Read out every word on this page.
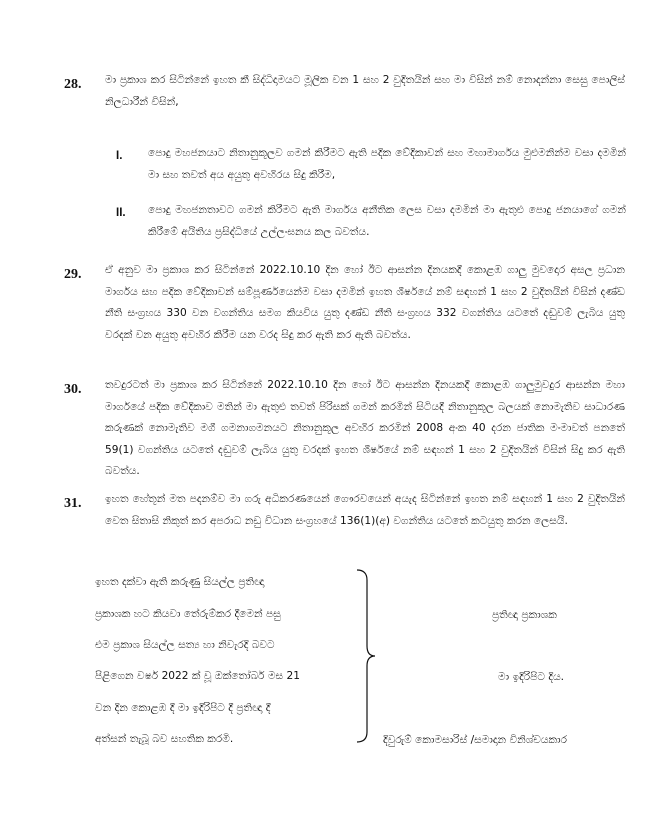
28. මා ප්‍රකාශ කර සිටින්නේ ඉහත කී සිද්ධිදාමයට මූලික වන 1 සහ 2 වුදිතයින් සහ මා විසින් නම් නොදන්නා සෙසු පොලිස් නිලධාරීන් විසින්,
I. පොදු මහජනයාට නිතානුකූලව ගමන් කිරීමට ඇති පදික වේදිකාවන් සහ මහාමාර්ගය මුළුමනින්ම වසා දමමින් මා සහ තවත් අය අයුතු අවහිරය සිදු කිරීම,
II. පොදු මහජනතාවට ගමන් කිරීමට ඇති මාර්ගය අනීතික ලෙස වසා දමමින් මා ඇතුළු පොදු ජනයාගේ ගමන් කිරීමේ අයිතිය ප්‍රසිද්ධියේ උල්ලංඝනය කල බවත්ය.
29. ඒ අනුව මා ප්‍රකාශ කර සිටින්නේ 2022.10.10 දින හෝ ඊට ආසන්න දිනයකදී කොළඹ ගාලු මුවදොර අසල ප්‍රධාන මාර්ගය සහ පදික වේදිකාවන් සම්පූර්ණයෙන්ම වසා දමමින් ඉහත ශීර්ෂයේ නම් සඳහන් 1 සහ 2 වුදිතයින් විසින් දණ්ඩ නීති සංග්‍රහය 330 වන වගන්තිය සමග කියවිය යුතු දණ්ඩ නීති සංග්‍රහය 332 වගන්තිය යටතේ දඬුවම් ලැබිය යුතු වරදක් වන අයුතු අවහිර කිරීම යන වරද සිදු කර ඇති කර ඇති බවත්ය.
30. තවදුරටත් මා ප්‍රකාශ කර සිටින්නේ 2022.10.10 දින හෝ ඊට ආසන්න දිනයකදී කොළඹ ගාලුමුවදුර ආසන්න මහා මාර්ගයේ පදික වේදිකාව මතින් මා ඇතුළු තවත් පිරිසක් ගමන් කරමින් සිටියදී නිතානුකූල බලයක් නොමැතිව සාධාරණ කරුණක් නොමැතිව මගී ගමනාගමනයට නිතානුකූල අවහිර කරමින් 2008 අංක 40 දරන ජාතික මංමාවත් පනතේ 59(1) වගන්තිය යටතේ දඬුවම් ලැබිය යුතු වරදක් ඉහත ශීර්ෂයේ නම් සඳහන් 1 සහ 2 වුදිතයින් විසින් සිදු කර ඇති බවත්ය.
31. ඉහත හේතූන් මත පදනම්ව මා ගරු අධිකරණයෙන් ගෞරවයෙන් අයැද සිටින්නේ ඉහත නම් සඳහන් 1 සහ 2 වුදිතයින් වෙත සිතාසි නිකුත් කර අපරාධ නඩු විධාන සංග්‍රහයේ 136(1)(අ) වගන්තිය යටතේ කටයුතු කරන ලෙසයි.
ඉහත දක්වා ඇති කරුණු සියල්ල ප්‍රතිඥා
ප්‍රකාශක හට කියවා තේරුම්කර දීමෙන් පසු
එම ප්‍රකාශ සියල්ල සත්‍ය හා නිවැරදි බවට
පිළිගෙන වර්ෂ 2022 ක් වූ ඔක්තෝබර් මස 21
වන දින කොළඹ දී මා ඉදිරිපිට දී ප්‍රතිඥා දී
අත්සන් තැබූ බව සහතික කරමි.
ප්‍රතිඥා ප්‍රකාශක
මා ඉදිරිපිට දිය.
දිවුරුම් කොමසාරිස් /සමාදාන විනිශ්චයකාර
